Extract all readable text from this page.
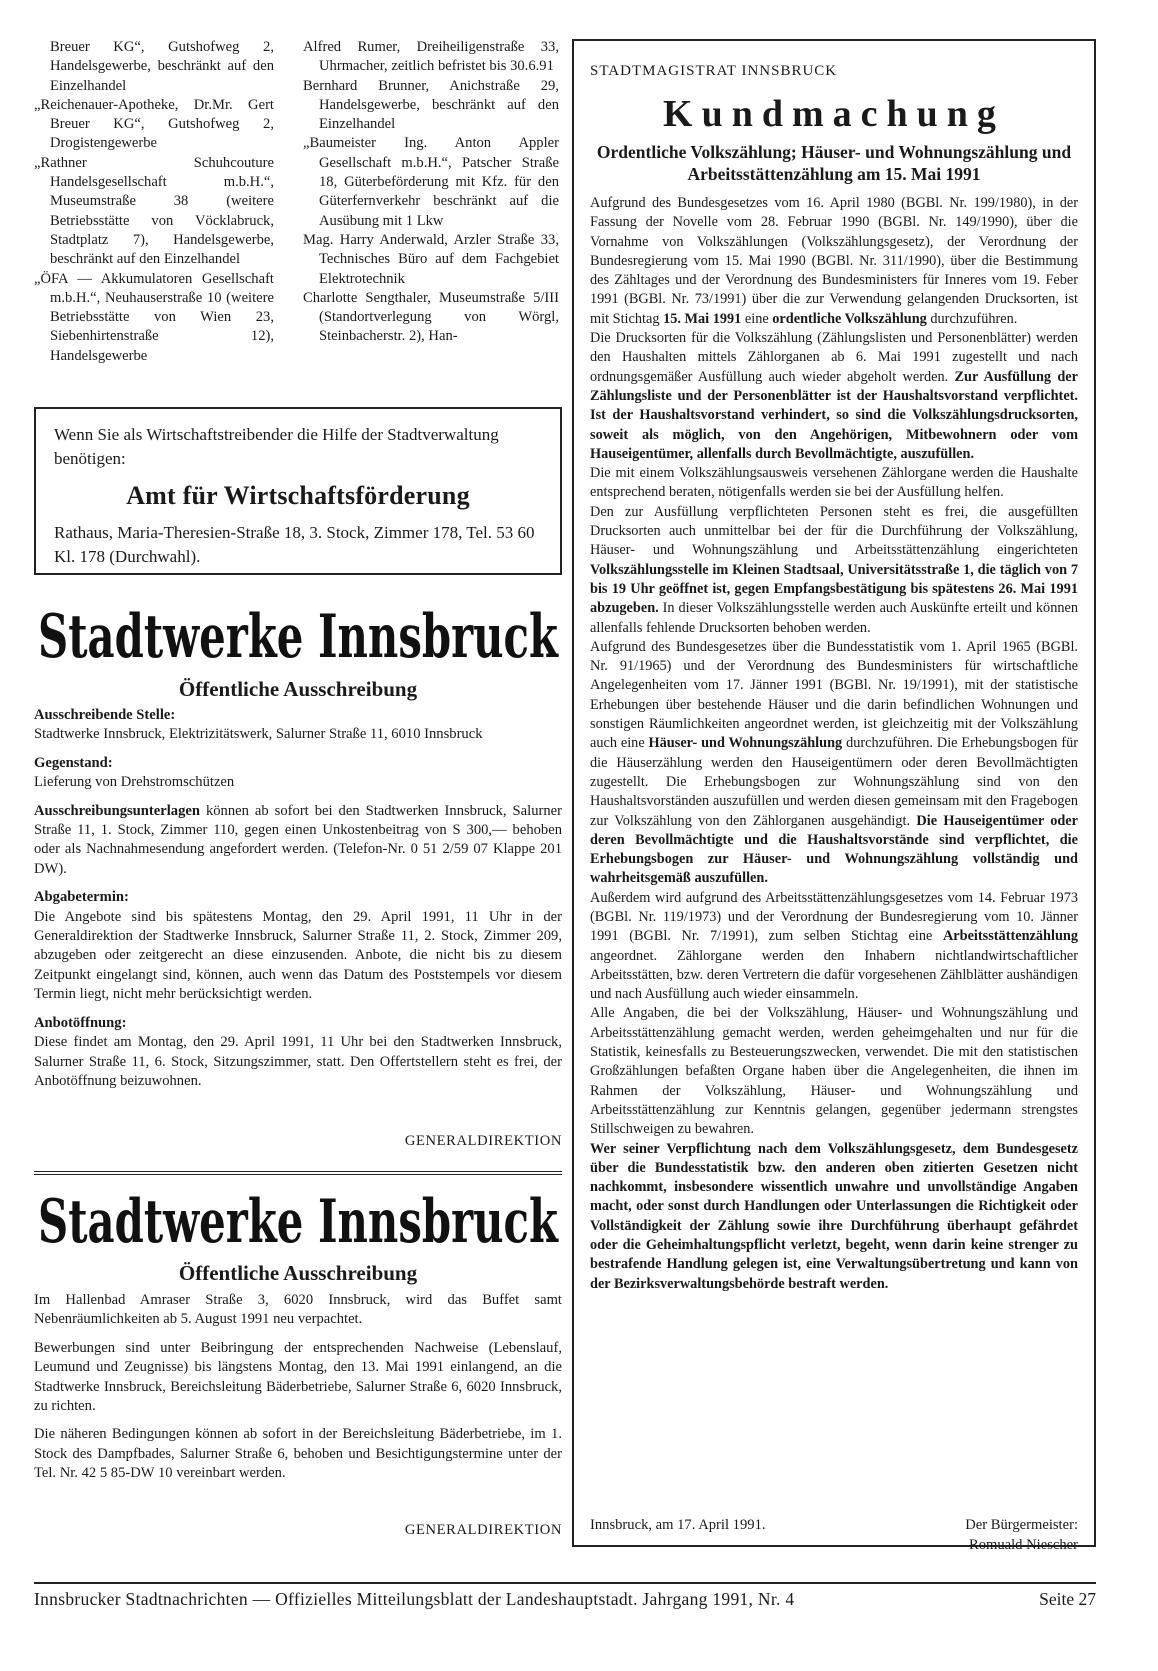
Breuer KG“, Gutshofweg 2, Handelsgewerbe, beschränkt auf den Einzelhandel

„Reichenauer-Apotheke, Dr.Mr. Gert Breuer KG“, Gutshofweg 2, Drogistengewerbe

„Rathner Schuhcouture Handelsgesellschaft m.b.H.“, Museumstraße 38 (weitere Betriebsstätte von Vöcklabruck, Stadtplatz 7), Handelsgewerbe, beschränkt auf den Einzelhandel

„ÖFA — Akkumulatoren Gesellschaft m.b.H.“, Neuhauserstraße 10 (weitere Betriebsstätte von Wien 23, Siebenhirtenstraße 12), Handelsgewerbe

Alfred Rumer, Dreiheiligenstraße 33, Uhrmacher, zeitlich befristet bis 30.6.91

Bernhard Brunner, Anichstraße 29, Handelsgewerbe, beschränkt auf den Einzelhandel

„Baumeister Ing. Anton Appler Gesellschaft m.b.H.“, Patscher Straße 18, Güterbeförderung mit Kfz. für den Güterfernverkehr beschränkt auf die Ausübung mit 1 Lkw

Mag. Harry Anderwald, Arzler Straße 33, Technisches Büro auf dem Fachgebiet Elektrotechnik

Charlotte Sengthaler, Museumstraße 5/III (Standortverlegung von Wörgl, Steinbacherstr. 2), Han-

Wenn Sie als Wirtschaftstreibender die Hilfe der Stadtverwaltung benötigen:

Amt für Wirtschaftsförderung

Rathaus, Maria-Theresien-Straße 18, 3. Stock, Zimmer 178, Tel. 53 60 Kl. 178 (Durchwahl).

Stadtwerke Innsbruck
Öffentliche Ausschreibung

Ausschreibende Stelle:

Stadtwerke Innsbruck, Elektrizitätswerk, Salurner Straße 11, 6010 Innsbruck

Gegenstand:

Lieferung von Drehstromschützen

Ausschreibungsunterlagen können ab sofort bei den Stadtwerken Innsbruck, Salurner Straße 11, 1. Stock, Zimmer 110, gegen einen Unkostenbeitrag von S 300,— behoben oder als Nachnahmesendung angefordert werden. (Telefon-Nr. 0 51 2/59 07 Klappe 201 DW).

Abgabetermin:

Die Angebote sind bis spätestens Montag, den 29. April 1991, 11 Uhr in der Generaldirektion der Stadtwerke Innsbruck, Salurner Straße 11, 2. Stock, Zimmer 209, abzugeben oder zeitgerecht an diese einzusenden. Anbote, die nicht bis zu diesem Zeitpunkt eingelangt sind, können, auch wenn das Datum des Poststempels vor diesem Termin liegt, nicht mehr berücksichtigt werden.

Anbotöffnung:

Diese findet am Montag, den 29. April 1991, 11 Uhr bei den Stadtwerken Innsbruck, Salurner Straße 11, 6. Stock, Sitzungszimmer, statt. Den Offertstellern steht es frei, der Anbotöffnung beizuwohnen.

GENERALDIREKTION
Stadtwerke Innsbruck
Öffentliche Ausschreibung

Im Hallenbad Amraser Straße 3, 6020 Innsbruck, wird das Buffet samt Nebenräumlichkeiten ab 5. August 1991 neu verpachtet.

Bewerbungen sind unter Beibringung der entsprechenden Nachweise (Lebenslauf, Leumund und Zeugnisse) bis längstens Montag, den 13. Mai 1991 einlangend, an die Stadtwerke Innsbruck, Bereichsleitung Bäderbetriebe, Salurner Straße 6, 6020 Innsbruck, zu richten.

Die näheren Bedingungen können ab sofort in der Bereichsleitung Bäderbetriebe, im 1. Stock des Dampfbades, Salurner Straße 6, behoben und Besichtigungstermine unter der Tel. Nr. 42 5 85-DW 10 vereinbart werden.

GENERALDIREKTION

STADTMAGISTRAT INNSBRUCK

Kundmachung
Ordentliche Volkszählung; Häuser- und Wohnungszählung und Arbeitsstättenzählung am 15. Mai 1991

Aufgrund des Bundesgesetzes vom 16. April 1980 (BGBl. Nr. 199/1980), in der Fassung der Novelle vom 28. Februar 1990 (BGBl. Nr. 149/1990), über die Vornahme von Volkszählungen (Volkszählungsgesetz), der Verordnung der Bundesregierung vom 15. Mai 1990 (BGBl. Nr. 311/1990), über die Bestimmung des Zähltages und der Verordnung des Bundesministers für Inneres vom 19. Feber 1991 (BGBl. Nr. 73/1991) über die zur Verwendung gelangenden Drucksorten, ist mit Stichtag 15. Mai 1991 eine ordentliche Volkszählung durchzuführen.

Die Drucksorten für die Volkszählung (Zählungslisten und Personenblätter) werden den Haushalten mittels Zählorganen ab 6. Mai 1991 zugestellt und nach ordnungsgemäßer Ausfüllung auch wieder abgeholt werden. Zur Ausfüllung der Zählungsliste und der Personenblätter ist der Haushaltsvorstand verpflichtet. Ist der Haushaltsvorstand verhindert, so sind die Volkszählungsdrucksorten, soweit als möglich, von den Angehörigen, Mitbewohnern oder vom Hauseigentümer, allenfalls durch Bevollmächtigte, auszufüllen.

Die mit einem Volkszählungsausweis versehenen Zählorgane werden die Haushalte entsprechend beraten, nötigenfalls werden sie bei der Ausfüllung helfen.

Den zur Ausfüllung verpflichteten Personen steht es frei, die ausgefüllten Drucksorten auch unmittelbar bei der für die Durchführung der Volkszählung, Häuser- und Wohnungszählung und Arbeitsstättenzählung eingerichteten Volkszählungsstelle im Kleinen Stadtsaal, Universitätsstraße 1, die täglich von 7 bis 19 Uhr geöffnet ist, gegen Empfangsbestätigung bis spätestens 26. Mai 1991 abzugeben. In dieser Volkszählungsstelle werden auch Auskünfte erteilt und können allenfalls fehlende Drucksorten behoben werden.

Aufgrund des Bundesgesetzes über die Bundesstatistik vom 1. April 1965 (BGBl. Nr. 91/1965) und der Verordnung des Bundesministers für wirtschaftliche Angelegenheiten vom 17. Jänner 1991 (BGBl. Nr. 19/1991), mit der statistische Erhebungen über bestehende Häuser und die darin befindlichen Wohnungen und sonstigen Räumlichkeiten angeordnet werden, ist gleichzeitig mit der Volkszählung auch eine Häuser- und Wohnungszählung durchzuführen. Die Erhebungsbogen für die Häuserzählung werden den Hauseigentümern oder deren Bevollmächtigten zugestellt. Die Erhebungsbogen zur Wohnungszählung sind von den Haushaltsvorständen auszufüllen und werden diesen gemeinsam mit den Fragebogen zur Volkszählung von den Zählorganen ausgehändigt. Die Hauseigentümer oder deren Bevollmächtigte und die Haushaltsvorstände sind verpflichtet, die Erhebungsbogen zur Häuser- und Wohnungszählung vollständig und wahrheitsgemäß auszufüllen.

Außerdem wird aufgrund des Arbeitsstättenzählungsgesetzes vom 14. Februar 1973 (BGBl. Nr. 119/1973) und der Verordnung der Bundesregierung vom 10. Jänner 1991 (BGBl. Nr. 7/1991), zum selben Stichtag eine Arbeitsstättenzählung angeordnet. Zählorgane werden den Inhabern nichtlandwirtschaftlicher Arbeitsstätten, bzw. deren Vertretern die dafür vorgesehenen Zählblätter aushändigen und nach Ausfüllung auch wieder einsammeln.

Alle Angaben, die bei der Volkszählung, Häuser- und Wohnungszählung und Arbeitsstättenzählung gemacht werden, werden geheimgehalten und nur für die Statistik, keinesfalls zu Besteuerungszwecken, verwendet. Die mit den statistischen Großzählungen befaßten Organe haben über die Angelegenheiten, die ihnen im Rahmen der Volkszählung, Häuser- und Wohnungszählung und Arbeitsstättenzählung zur Kenntnis gelangen, gegenüber jedermann strengstes Stillschweigen zu bewahren.

Wer seiner Verpflichtung nach dem Volkszählungsgesetz, dem Bundesgesetz über die Bundesstatistik bzw. den anderen oben zitierten Gesetzen nicht nachkommt, insbesondere wissentlich unwahre und unvollständige Angaben macht, oder sonst durch Handlungen oder Unterlassungen die Richtigkeit oder Vollständigkeit der Zählung sowie ihre Durchführung überhaupt gefährdet oder die Geheimhaltungspflicht verletzt, begeht, wenn darin keine strenger zu bestrafende Handlung gelegen ist, eine Verwaltungsübertretung und kann von der Bezirksverwaltungsbehörde bestraft werden.

Innsbruck, am 17. April 1991.	Der Bürgermeister:
Romuald Niescher
Innsbrucker Stadtnachrichten — Offizielles Mitteilungsblatt der Landeshauptstadt. Jahrgang 1991, Nr. 4	Seite 27
